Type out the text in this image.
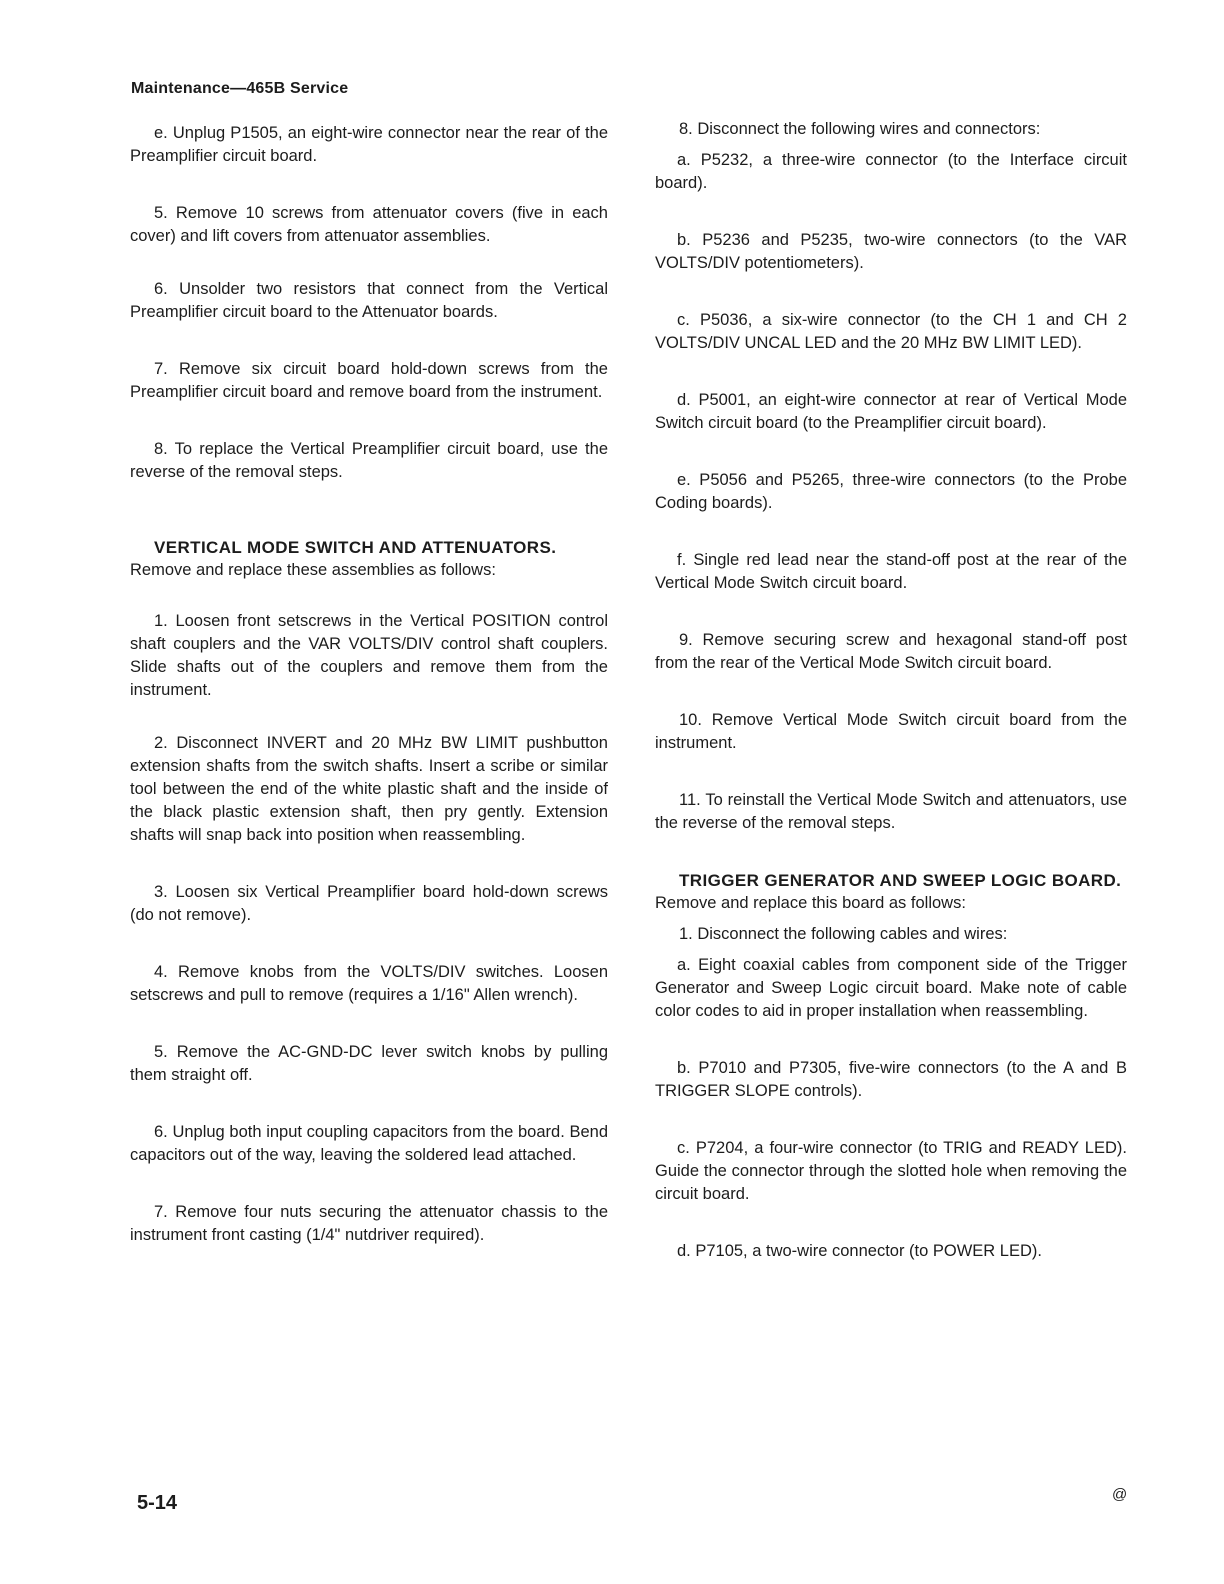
Maintenance—465B Service

e. Unplug P1505, an eight-wire connector near the rear of the Preamplifier circuit board.

5. Remove 10 screws from attenuator covers (five in each cover) and lift covers from attenuator assemblies.

6. Unsolder two resistors that connect from the Vertical Preamplifier circuit board to the Attenuator boards.

7. Remove six circuit board hold-down screws from the Preamplifier circuit board and remove board from the instrument.

8. To replace the Vertical Preamplifier circuit board, use the reverse of the removal steps.

VERTICAL MODE SWITCH AND ATTENUATORS.

Remove and replace these assemblies as follows:

1. Loosen front setscrews in the Vertical POSITION control shaft couplers and the VAR VOLTS/DIV control shaft couplers. Slide shafts out of the couplers and remove them from the instrument.

2. Disconnect INVERT and 20 MHz BW LIMIT pushbutton extension shafts from the switch shafts. Insert a scribe or similar tool between the end of the white plastic shaft and the inside of the black plastic extension shaft, then pry gently. Extension shafts will snap back into position when reassembling.

3. Loosen six Vertical Preamplifier board hold-down screws (do not remove).

4. Remove knobs from the VOLTS/DIV switches. Loosen setscrews and pull to remove (requires a 1/16" Allen wrench).

5. Remove the AC-GND-DC lever switch knobs by pulling them straight off.

6. Unplug both input coupling capacitors from the board. Bend capacitors out of the way, leaving the soldered lead attached.

7. Remove four nuts securing the attenuator chassis to the instrument front casting (1/4" nutdriver required).

8. Disconnect the following wires and connectors:

a. P5232, a three-wire connector (to the Interface circuit board).

b. P5236 and P5235, two-wire connectors (to the VAR VOLTS/DIV potentiometers).

c. P5036, a six-wire connector (to the CH 1 and CH 2 VOLTS/DIV UNCAL LED and the 20 MHz BW LIMIT LED).

d. P5001, an eight-wire connector at rear of Vertical Mode Switch circuit board (to the Preamplifier circuit board).

e. P5056 and P5265, three-wire connectors (to the Probe Coding boards).

f. Single red lead near the stand-off post at the rear of the Vertical Mode Switch circuit board.

9. Remove securing screw and hexagonal stand-off post from the rear of the Vertical Mode Switch circuit board.

10. Remove Vertical Mode Switch circuit board from the instrument.

11. To reinstall the Vertical Mode Switch and attenuators, use the reverse of the removal steps.

TRIGGER GENERATOR AND SWEEP LOGIC BOARD.

Remove and replace this board as follows:

1. Disconnect the following cables and wires:

a. Eight coaxial cables from component side of the Trigger Generator and Sweep Logic circuit board. Make note of cable color codes to aid in proper installation when reassembling.

b. P7010 and P7305, five-wire connectors (to the A and B TRIGGER SLOPE controls).

c. P7204, a four-wire connector (to TRIG and READY LED). Guide the connector through the slotted hole when removing the circuit board.

d. P7105, a two-wire connector (to POWER LED).

5-14	@
